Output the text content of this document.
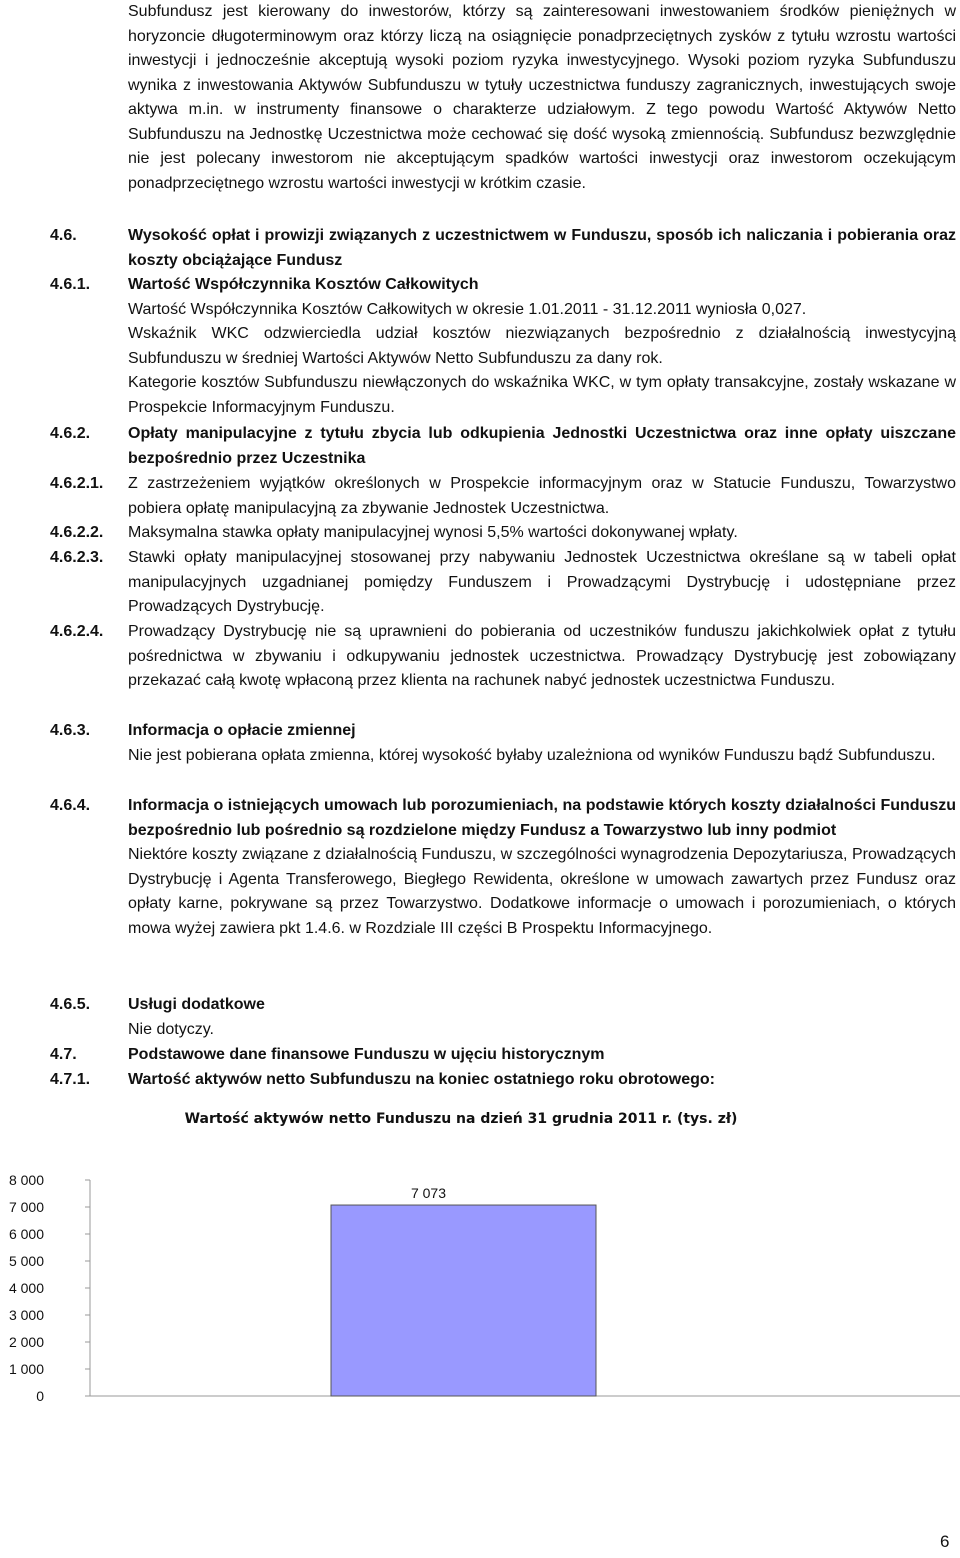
Subfundusz jest kierowany do inwestorów, którzy są zainteresowani inwestowaniem środków pieniężnych w horyzoncie długoterminowym oraz którzy liczą na osiągnięcie ponadprzeciętnych zysków z tytułu wzrostu wartości inwestycji i jednocześnie akceptują wysoki poziom ryzyka inwestycyjnego. Wysoki poziom ryzyka Subfunduszu wynika z inwestowania Aktywów Subfunduszu w tytuły uczestnictwa funduszy zagranicznych, inwestujących swoje aktywa m.in. w instrumenty finansowe o charakterze udziałowym. Z tego powodu Wartość Aktywów Netto Subfunduszu na Jednostkę Uczestnictwa może cechować się dość wysoką zmiennością. Subfundusz bezwzględnie nie jest polecany inwestorom nie akceptującym spadków wartości inwestycji oraz inwestorom oczekującym ponadprzeciętnego wzrostu wartości inwestycji w krótkim czasie.
4.6.	Wysokość opłat i prowizji związanych z uczestnictwem w Funduszu, sposób ich naliczania i pobierania oraz koszty obciążające Fundusz
4.6.1. Wartość Współczynnika Kosztów Całkowitych

Wartość Współczynnika Kosztów Całkowitych w okresie 1.01.2011 - 31.12.2011 wyniosła 0,027.

Wskaźnik WKC odzwierciedla udział kosztów niezwiązanych bezpośrednio z działalnością inwestycyjną Subfunduszu w średniej Wartości Aktywów Netto Subfunduszu za dany rok.

Kategorie kosztów Subfunduszu niewłączonych do wskaźnika WKC, w tym opłaty transakcyjne, zostały wskazane w Prospekcie Informacyjnym Funduszu.

4.6.2. Opłaty manipulacyjne z tytułu zbycia lub odkupienia Jednostki Uczestnictwa oraz inne opłaty uiszczane bezpośrednio przez Uczestnika
4.6.2.1. Z zastrzeżeniem wyjątków określonych w Prospekcie informacyjnym oraz w Statucie Funduszu, Towarzystwo pobiera opłatę manipulacyjną za zbywanie Jednostek Uczestnictwa.
4.6.2.2. Maksymalna stawka opłaty manipulacyjnej wynosi 5,5% wartości dokonywanej wpłaty.
4.6.2.3. Stawki opłaty manipulacyjnej stosowanej przy nabywaniu Jednostek Uczestnictwa określane są w tabeli opłat manipulacyjnych uzgadnianej pomiędzy Funduszem i Prowadzącymi Dystrybucję i udostępniane przez Prowadzących Dystrybucję.
4.6.2.4. Prowadzący Dystrybucję nie są uprawnieni do pobierania od uczestników funduszu jakichkolwiek opłat z tytułu pośrednictwa w zbywaniu i odkupywaniu jednostek uczestnictwa. Prowadzący Dystrybucję jest zobowiązany przekazać całą kwotę wpłaconą przez klienta na rachunek nabyć jednostek uczestnictwa Funduszu.
4.6.3. Informacja o opłacie zmiennej

Nie jest pobierana opłata zmienna, której wysokość byłaby uzależniona od wyników Funduszu bądź Subfunduszu.

4.6.4. Informacja o istniejących umowach lub porozumieniach, na podstawie których koszty działalności Funduszu bezpośrednio lub pośrednio są rozdzielone między Fundusz a Towarzystwo lub inny podmiot

Niektóre koszty związane z działalnością Funduszu, w szczególności wynagrodzenia Depozytariusza, Prowadzących Dystrybucję i Agenta Transferowego, Biegłego Rewidenta, określone w umowach zawartych przez Fundusz oraz opłaty karne, pokrywane są przez Towarzystwo. Dodatkowe informacje o umowach i porozumieniach, o których mowa wyżej zawiera pkt 1.4.6. w Rozdziale III części B Prospektu Informacyjnego.

4.6.5. Usługi dodatkowe

Nie dotyczy.

4.7.	Podstawowe dane finansowe Funduszu w ujęciu historycznym
4.7.1. Wartość aktywów netto Subfunduszu na koniec ostatniego roku obrotowego:
Wartość aktywów netto Funduszu na dzień 31 grudnia 2011 r. (tys. zł)
0
1 000
2 000
3 000
4 000
5 000
6 000
7 000
8 000
7 073
6
